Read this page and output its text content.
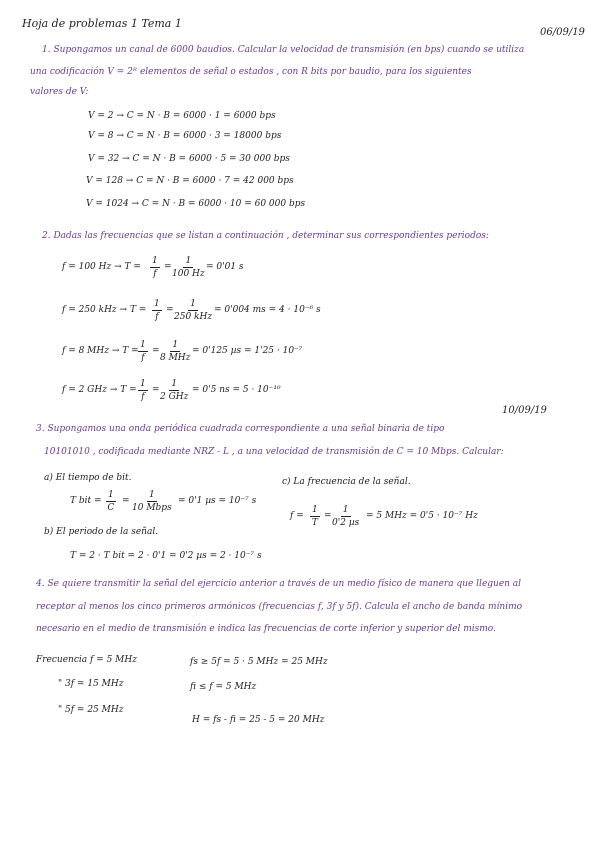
Hoja de problemas 1 Tema 1
06/09/19
1. Supongamos un canal de 6000 baudios. Calcular la velocidad de transmisión (en bps) cuando se utiliza
una codificación V = 2ᴿ elementos de señal o estados , con R bits por baudio, para los siguientes
valores de V:
V = 2 → C = N · B = 6000 · 1 = 6000 bps
V = 8 → C = N · B = 6000 · 3 = 18000 bps
V = 32 → C = N · B = 6000 · 5 = 30 000 bps
V = 128 → C = N · B = 6000 · 7 = 42 000 bps
V = 1024 → C = N · B = 6000 · 10 = 60 000 bps
2. Dadas las frecuencias que se listan a continuación , determinar sus correspondientes periodos:
f = 100 $Hz \to T = \frac{1}{f} = \frac{1}{100 Hz} = 0'01$ s
f = 250 kHz → $T = \frac{1}{f}$ =
1
250 kHz
= 0'004 ms = 4 · 10⁻⁶ s
f = 8 MHz → $T = \frac{1}{f}$ =
1
8 MHz
= 0'125 µs = 1'25 · 10⁻⁷
f = 2 GHz → $T = \frac{1}{f}$ =
1
2 GHz
= 0'5 ns = 5 · 10⁻¹⁰
10/09/19
3. Supongamos una onda periódica cuadrada correspondiente a una señal binaria de tipo
10101010 , codificada mediante NRZ - L , a una velocidad de transmisión de C = 10 Mbps. Calcular:
a) El tiempo de bit.	c) La frecuencia de la señal.
T bit = $\frac{1}{C}$ =
1
10 Mbps
= 0'1 µs = 10⁻⁷ s
$f = \frac{1}{T}$ =
1
0'2 µs
= 5 MHz = 0'5 · 10⁻⁷ Hz
b) El periodo de la señal.
T = 2 · T bit = 2 · 0'1 = 0'2 µs = 2 · 10⁻⁷ s
4. Se quiere transmitir la señal del ejercicio anterior a través de un medio físico de manera que lleguen al
receptor al menos los cinco primeros armónicos (frecuencias f, 3f y 5f). Calcula el ancho de banda mínimo
necesario en el medio de transmisión e indica las frecuencias de corte inferior y superior del mismo.
Frecuencia f = 5 MHz
" 3f = 15 MHz
" 5f = 25 MHz
fs ≥ 5f = 5 · 5 MHz = 25 MHz
fi ≤ f = 5 MHz
H = fs - fi = 25 - 5 = 20 MHz
